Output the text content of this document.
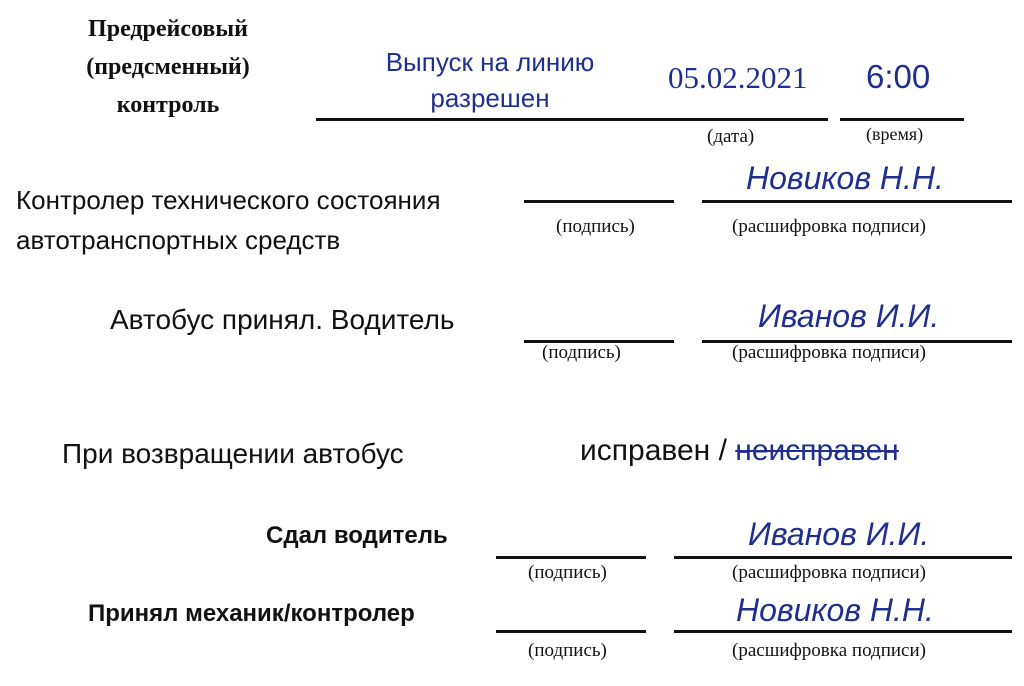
Предрейсовый
(предсменный)
контроль
Выпуск на линию
разрешен
05.02.2021 6:00
(дата)	(время)
Контролер технического состояния
автотранспортных средств
Новиков Н.Н.
(подпись)	(расшифровка подписи)
Автобус принял. Водитель	Иванов И.И.
(подпись)	(расшифровка подписи)
При возвращении автобус	исправен / неисправен
Сдал водитель	Иванов И.И.
(подпись)	(расшифровка подписи)
Принял механик/контролер	Новиков Н.Н.
(подпись)	(расшифровка подписи)
